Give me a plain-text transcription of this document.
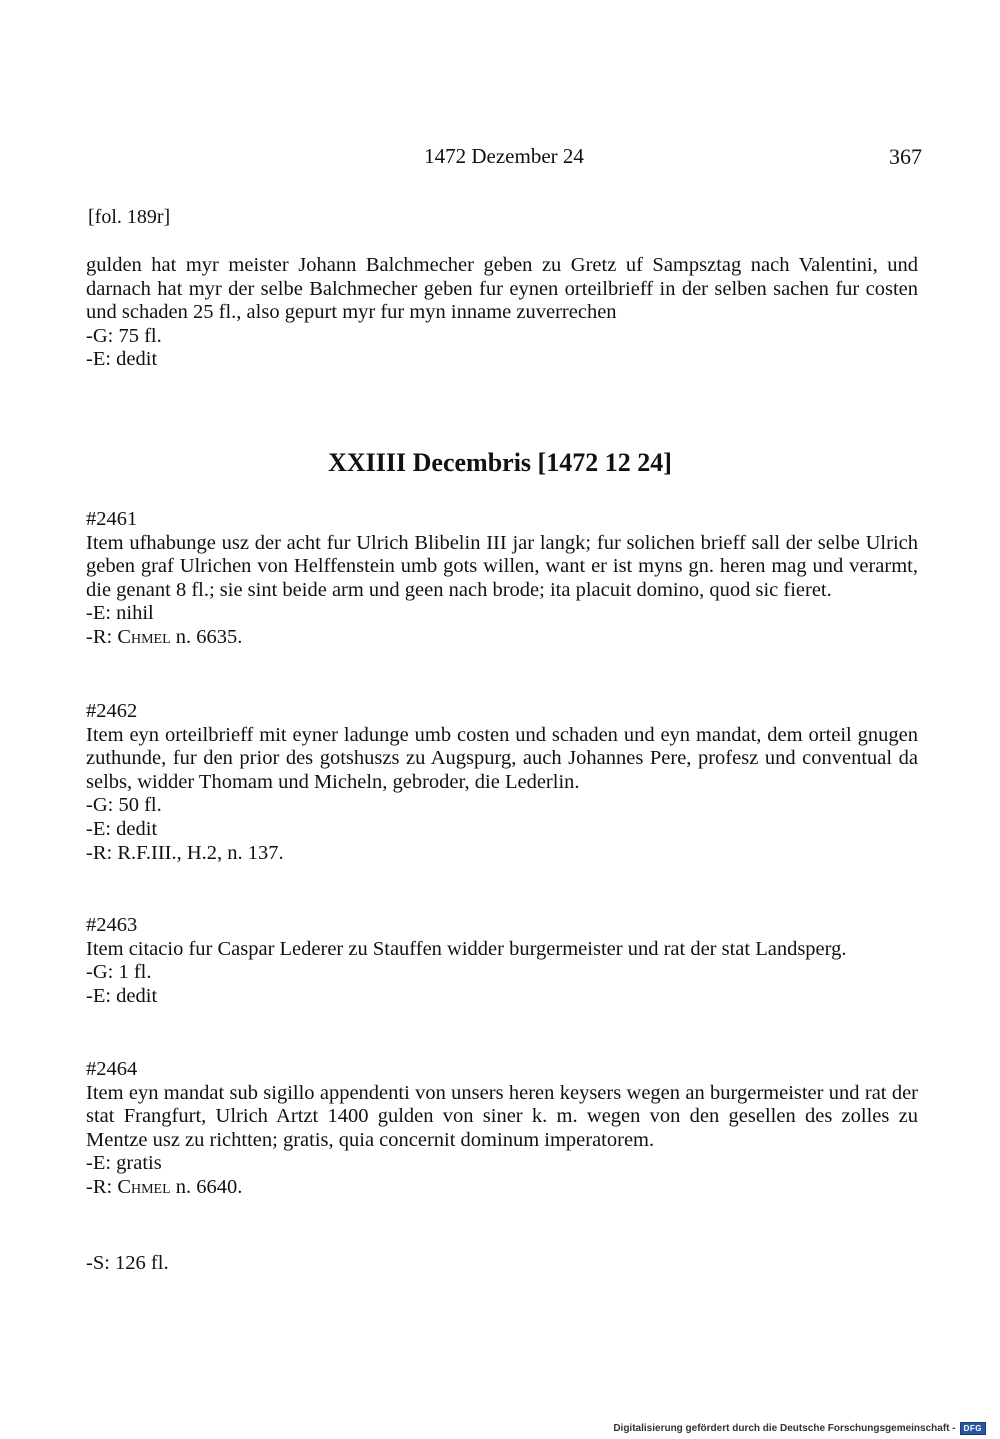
1472 Dezember 24	367
[fol. 189r]

gulden hat myr meister Johann Balchmecher geben zu Gretz uf Sampsztag nach Valentini, und darnach hat myr der selbe Balchmecher geben fur eynen orteilbrieff in der selben sachen fur costen und schaden 25 fl., also gepurt myr fur myn inname zuverrechen

-G: 75 fl.
-E: dedit
XXIIII Decembris [1472 12 24]
#2461

Item ufhabunge usz der acht fur Ulrich Blibelin III jar langk; fur solichen brieff sall der selbe Ulrich geben graf Ulrichen von Helffenstein umb gots willen, want er ist myns gn. heren mag und verarmt, die genant 8 fl.; sie sint beide arm und geen nach brode; ita placuit domino, quod sic fieret.

-E: nihil
-R: Chmel n. 6635.
#2462

Item eyn orteilbrieff mit eyner ladunge umb costen und schaden und eyn mandat, dem orteil gnugen zuthunde, fur den prior des gotshuszs zu Augspurg, auch Johannes Pere, profesz und conventual da selbs, widder Thomam und Micheln, gebroder, die Lederlin.

-G: 50 fl.
-E: dedit
-R: R.F.III., H.2, n. 137.
#2463

Item citacio fur Caspar Lederer zu Stauffen widder burgermeister und rat der stat Landsperg.

-G: 1 fl.
-E: dedit
#2464

Item eyn mandat sub sigillo appendenti von unsers heren keysers wegen an burgermeister und rat der stat Frangfurt, Ulrich Artzt 1400 gulden von siner k. m. wegen von den gesellen des zolles zu Mentze usz zu richtten; gratis, quia concernit dominum imperatorem.

-E: gratis
-R: Chmel n. 6640.
-S: 126 fl.
Digitalisierung gefördert durch die Deutsche Forschungsgemeinschaft -	DFG
